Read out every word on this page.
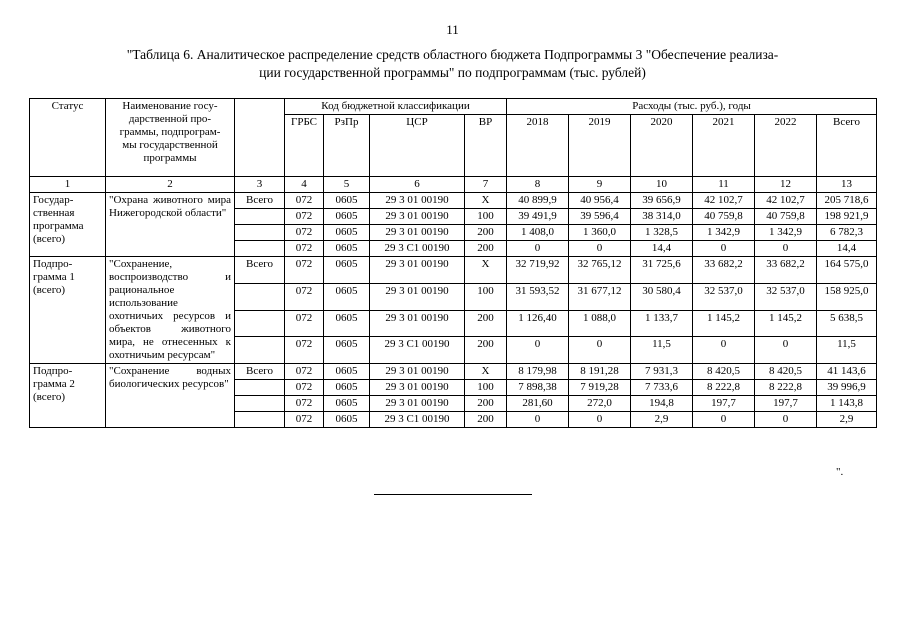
11
"Таблица 6. Аналитическое распределение средств областного бюджета Подпрограммы 3 "Обеспечение реализа-
ции государственной программы" по подпрограммам (тыс. рублей)
Статус	Наименование госу-
дарственной про-
граммы, подпрограм-
мы государственной
программы		Код бюджетной классификации				Расходы (тыс. руб.), годы					
			ГРБС	РзПр	ЦСР	ВР	2018	2019	2020	2021	2022	Всего
1	2	3	4	5	6	7	8	9	10	11	12	13
Государ-
ственная
программа
(всего)	"Охрана животного мира Нижегородской области"	Всего	072	0605	29 3 01 00190	Х	40 899,9	40 956,4	39 656,9	42 102,7	42 102,7	205 718,6
			072	0605	29 3 01 00190	100	39 491,9	39 596,4	38 314,0	40 759,8	40 759,8	198 921,9
			072	0605	29 3 01 00190	200	1 408,0	1 360,0	1 328,5	1 342,9	1 342,9	6 782,3
			072	0605	29 3 С1 00190	200	0	0	14,4	0	0	14,4
Подпро-
грамма 1
(всего)	"Сохранение, воспроизводство и рациональное использование охотничьих ресурсов и объектов животного мира, не отнесенных к охотничьим ресурсам"	Всего	072	0605	29 3 01 00190	Х	32 719,92	32 765,12	31 725,6	33 682,2	33 682,2	164 575,0
			072	0605	29 3 01 00190	100	31 593,52	31 677,12	30 580,4	32 537,0	32 537,0	158 925,0
			072	0605	29 3 01 00190	200	1 126,40	1 088,0	1 133,7	1 145,2	1 145,2	5 638,5
			072	0605	29 3 С1 00190	200	0	0	11,5	0	0	11,5
Подпро-
грамма 2
(всего)	"Сохранение водных биологических ресурсов"	Всего	072	0605	29 3 01 00190	Х	8 179,98	8 191,28	7 931,3	8 420,5	8 420,5	41 143,6
			072	0605	29 3 01 00190	100	7 898,38	7 919,28	7 733,6	8 222,8	8 222,8	39 996,9
			072	0605	29 3 01 00190	200	281,60	272,0	194,8	197,7	197,7	1 143,8
			072	0605	29 3 С1 00190	200	0	0	2,9	0	0	2,9
".
